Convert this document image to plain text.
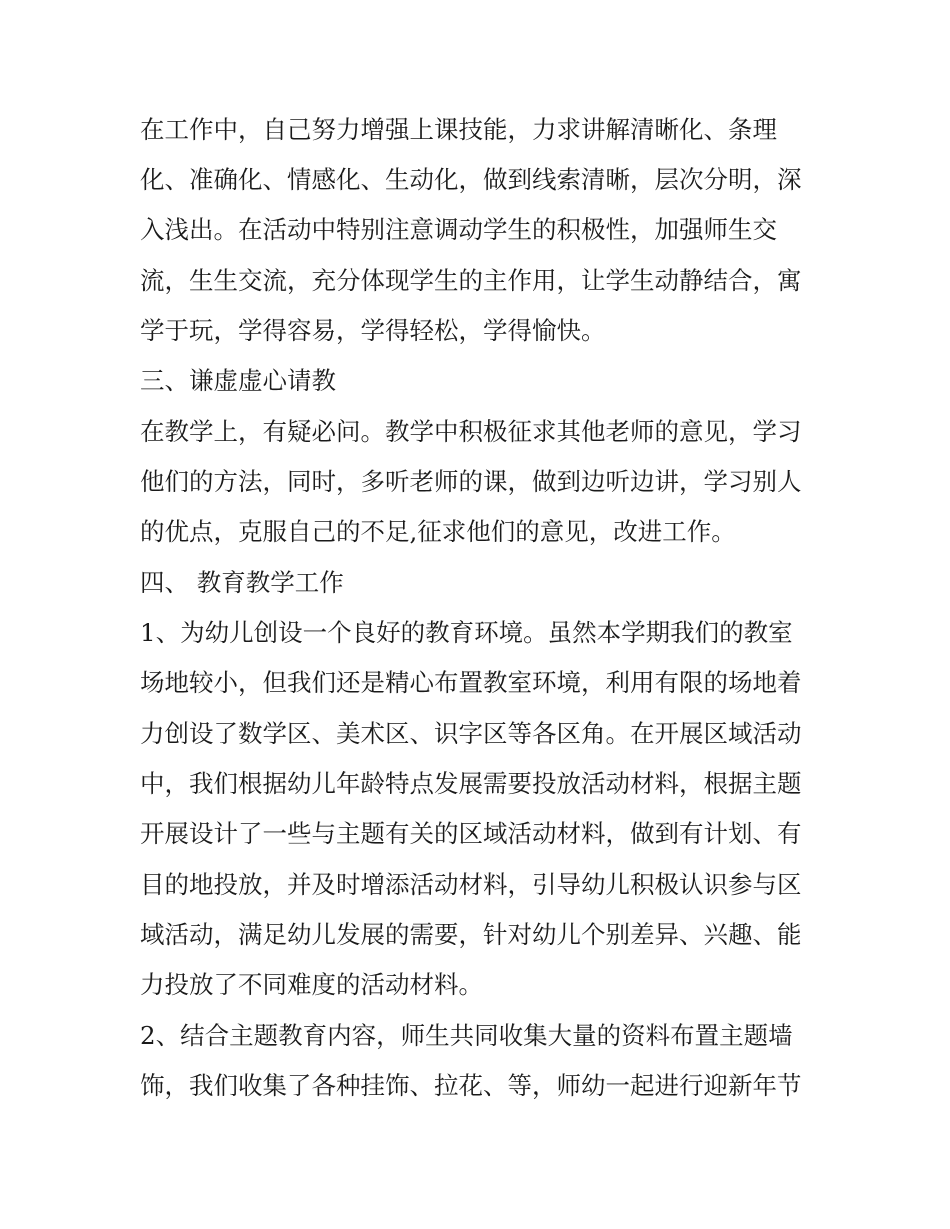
在工作中，自己努力增强上课技能，力求讲解清晰化、条理
化、准确化、情感化、生动化，做到线索清晰，层次分明，深
入浅出。在活动中特别注意调动学生的积极性，加强师生交
流，生生交流，充分体现学生的主作用，让学生动静结合，寓
学于玩，学得容易，学得轻松，学得愉快。
三、谦虚虚心请教
在教学上，有疑必问。教学中积极征求其他老师的意见，学习
他们的方法，同时，多听老师的课，做到边听边讲，学习别人
的优点，克服自己的不足,征求他们的意见，改进工作。
四、 教育教学工作
1、为幼儿创设一个良好的教育环境。虽然本学期我们的教室
场地较小，但我们还是精心布置教室环境，利用有限的场地着
力创设了数学区、美术区、识字区等各区角。在开展区域活动
中，我们根据幼儿年龄特点发展需要投放活动材料，根据主题
开展设计了一些与主题有关的区域活动材料，做到有计划、有
目的地投放，并及时增添活动材料，引导幼儿积极认识参与区
域活动，满足幼儿发展的需要，针对幼儿个别差异、兴趣、能
力投放了不同难度的活动材料。
2、结合主题教育内容，师生共同收集大量的资料布置主题墙
饰，我们收集了各种挂饰、拉花、等，师幼一起进行迎新年节
